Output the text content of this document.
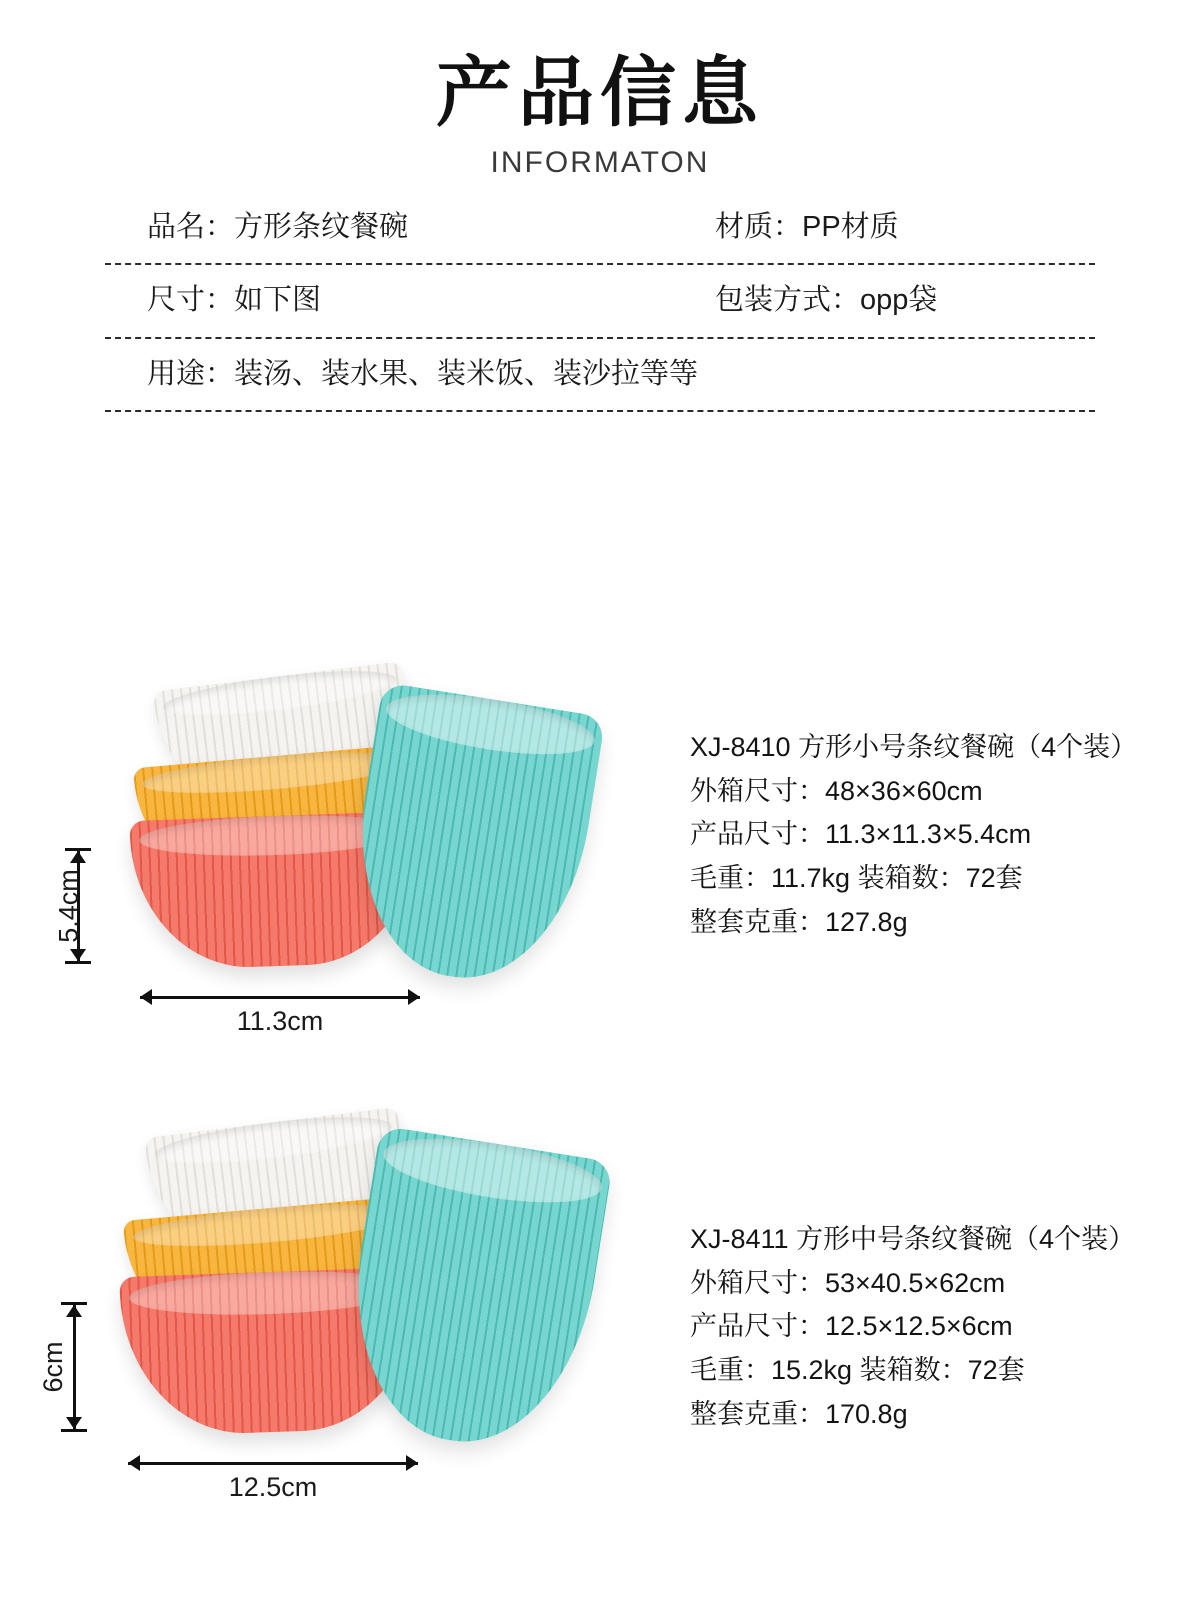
产品信息
INFORMATON
品名：方形条纹餐碗	材质：PP材质
尺寸：如下图	包装方式：opp袋
用途：装汤、装水果、装米饭、装沙拉等等
5.4cm
11.3cm
XJ-8410 方形小号条纹餐碗（4个装）
外箱尺寸：48×36×60cm
产品尺寸：11.3×11.3×5.4cm
毛重：11.7kg 装箱数：72套
整套克重：127.8g
6cm
12.5cm
XJ-8411 方形中号条纹餐碗（4个装）
外箱尺寸：53×40.5×62cm
产品尺寸：12.5×12.5×6cm
毛重：15.2kg 装箱数：72套
整套克重：170.8g
